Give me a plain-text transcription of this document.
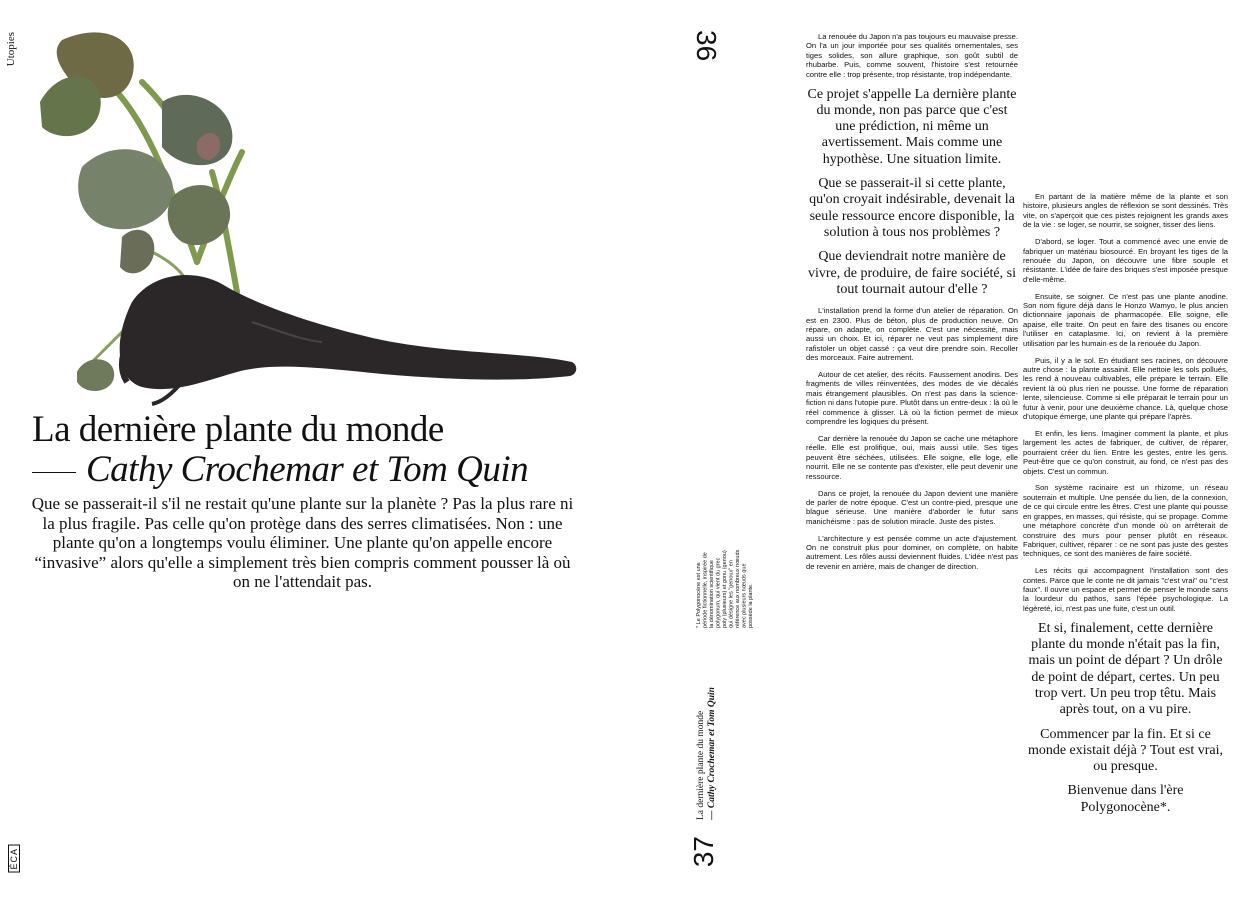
Utopies
ÉCA
La dernière plante du monde

Cathy Crochemar et Tom Quin

Que se passerait-il s'il ne restait qu'une plante sur la planète ? Pas la plus rare ni la plus fragile. Pas celle qu'on protège dans des serres climatisées. Non : une plante qu'on a longtemps voulu éliminer. Une plante qu'on appelle encore “invasive” alors qu'elle a simplement très bien compris comment pousser là où on ne l'attendait pas.

36
37
* Le Polygonocène est une période fictionnelle, inspirée de la dénomination scientifique polygonum, qui vient du grec poly (plusieurs) et gonu (genou) qui désigne les "genoux" en référence aux nombreux nœuds avec plusieurs nœuds que possède la plante.
La dernière plante du monde — Cathy Crochemar et Tom Quin

La renouée du Japon n'a pas toujours eu mauvaise presse. On l'a un jour importée pour ses qualités ornementales, ses tiges solides, son allure graphique, son goût subtil de rhubarbe. Puis, comme souvent, l'histoire s'est retournée contre elle : trop présente, trop résistante, trop indépendante.

Ce projet s'appelle La dernière plante du monde, non pas parce que c'est une prédiction, ni même un avertissement. Mais comme une hypothèse. Une situation limite.

Que se passerait-il si cette plante, qu'on croyait indésirable, devenait la seule ressource encore disponible, la solution à tous nos problèmes ?

Que deviendrait notre manière de vivre, de produire, de faire société, si tout tournait autour d'elle ?

L'installation prend la forme d'un atelier de réparation. On est en 2300. Plus de béton, plus de production neuve. On répare, on adapte, on complète. C'est une nécessité, mais aussi un choix. Et ici, réparer ne veut pas simplement dire rafistoler un objet cassé : ça veut dire prendre soin. Recoller des morceaux. Faire autrement.

Autour de cet atelier, des récits. Faussement anodins. Des fragments de villes réinventées, des modes de vie décalés mais étrangement plausibles. On n'est pas dans la science-fiction ni dans l'utopie pure. Plutôt dans un entre-deux : là où le réel commence à glisser. Là où la fiction permet de mieux comprendre les logiques du présent.

Car derrière la renouée du Japon se cache une métaphore réelle. Elle est prolifique, oui, mais aussi utile. Ses tiges peuvent être séchées, utilisées. Elle soigne, elle loge, elle nourrit. Elle ne se contente pas d'exister, elle peut devenir une ressource.

Dans ce projet, la renouée du Japon devient une manière de parler de notre époque. C'est un contre-pied, presque une blague sérieuse. Une manière d'aborder le futur sans manichéisme : pas de solution miracle. Juste des pistes.

L'architecture y est pensée comme un acte d'ajustement. On ne construit plus pour dominer, on complète, on habite autrement. Les rôles aussi deviennent fluides. L'idée n'est pas de revenir en arrière, mais de changer de direction.

En partant de la matière même de la plante et son histoire, plusieurs angles de réflexion se sont dessinés. Très vite, on s'aperçoit que ces pistes rejoignent les grands axes de la vie : se loger, se nourrir, se soigner, tisser des liens.

D'abord, se loger. Tout a commencé avec une envie de fabriquer un matériau biosourcé. En broyant les tiges de la renouée du Japon, on découvre une fibre souple et résistante. L'idée de faire des briques s'est imposée presque d'elle-même.

Ensuite, se soigner. Ce n'est pas une plante anodine. Son nom figure déjà dans le Honzo Wamyo, le plus ancien dictionnaire japonais de pharmacopée. Elle soigne, elle apaise, elle traite. On peut en faire des tisanes ou encore l'utiliser en cataplasme. Ici, on revient à la première utilisation par les humain·es de la renouée du Japon.

Puis, il y a le sol. En étudiant ses racines, on découvre autre chose : la plante assainit. Elle nettoie les sols pollués, les rend à nouveau cultivables, elle prépare le terrain. Elle revient là où plus rien ne pousse. Une forme de réparation lente, silencieuse. Comme si elle préparait le terrain pour un futur à venir, pour une deuxième chance. Là, quelque chose d'utopique émerge, une plante qui prépare l'après.

Et enfin, les liens. Imaginer comment la plante, et plus largement les actes de fabriquer, de cultiver, de réparer, pourraient créer du lien. Entre les gestes, entre les gens. Peut-être que ce qu'on construit, au fond, ce n'est pas des objets. C'est un commun.

Son système racinaire est un rhizome, un réseau souterrain et multiple. Une pensée du lien, de la connexion, de ce qui circule entre les êtres. C'est une plante qui pousse en grappes, en masses, qui résiste, qui se propage. Comme une métaphore concrète d'un monde où on arrêterait de construire des murs pour penser plutôt en réseaux. Fabriquer, cultiver, réparer : ce ne sont pas juste des gestes techniques, ce sont des manières de faire société.

Les récits qui accompagnent l'installation sont des contes. Parce que le conte ne dit jamais "c'est vrai" ou "c'est faux". Il ouvre un espace et permet de penser le monde sans la lourdeur du pathos, sans l'épée psychologique. La légèreté, ici, n'est pas une fuite, c'est un outil.

Et si, finalement, cette dernière plante du monde n'était pas la fin, mais un point de départ ? Un drôle de point de départ, certes. Un peu trop vert. Un peu trop têtu. Mais après tout, on a vu pire.

Commencer par la fin. Et si ce monde existait déjà ? Tout est vrai, ou presque.

Bienvenue dans l'ère Polygonocène*.
